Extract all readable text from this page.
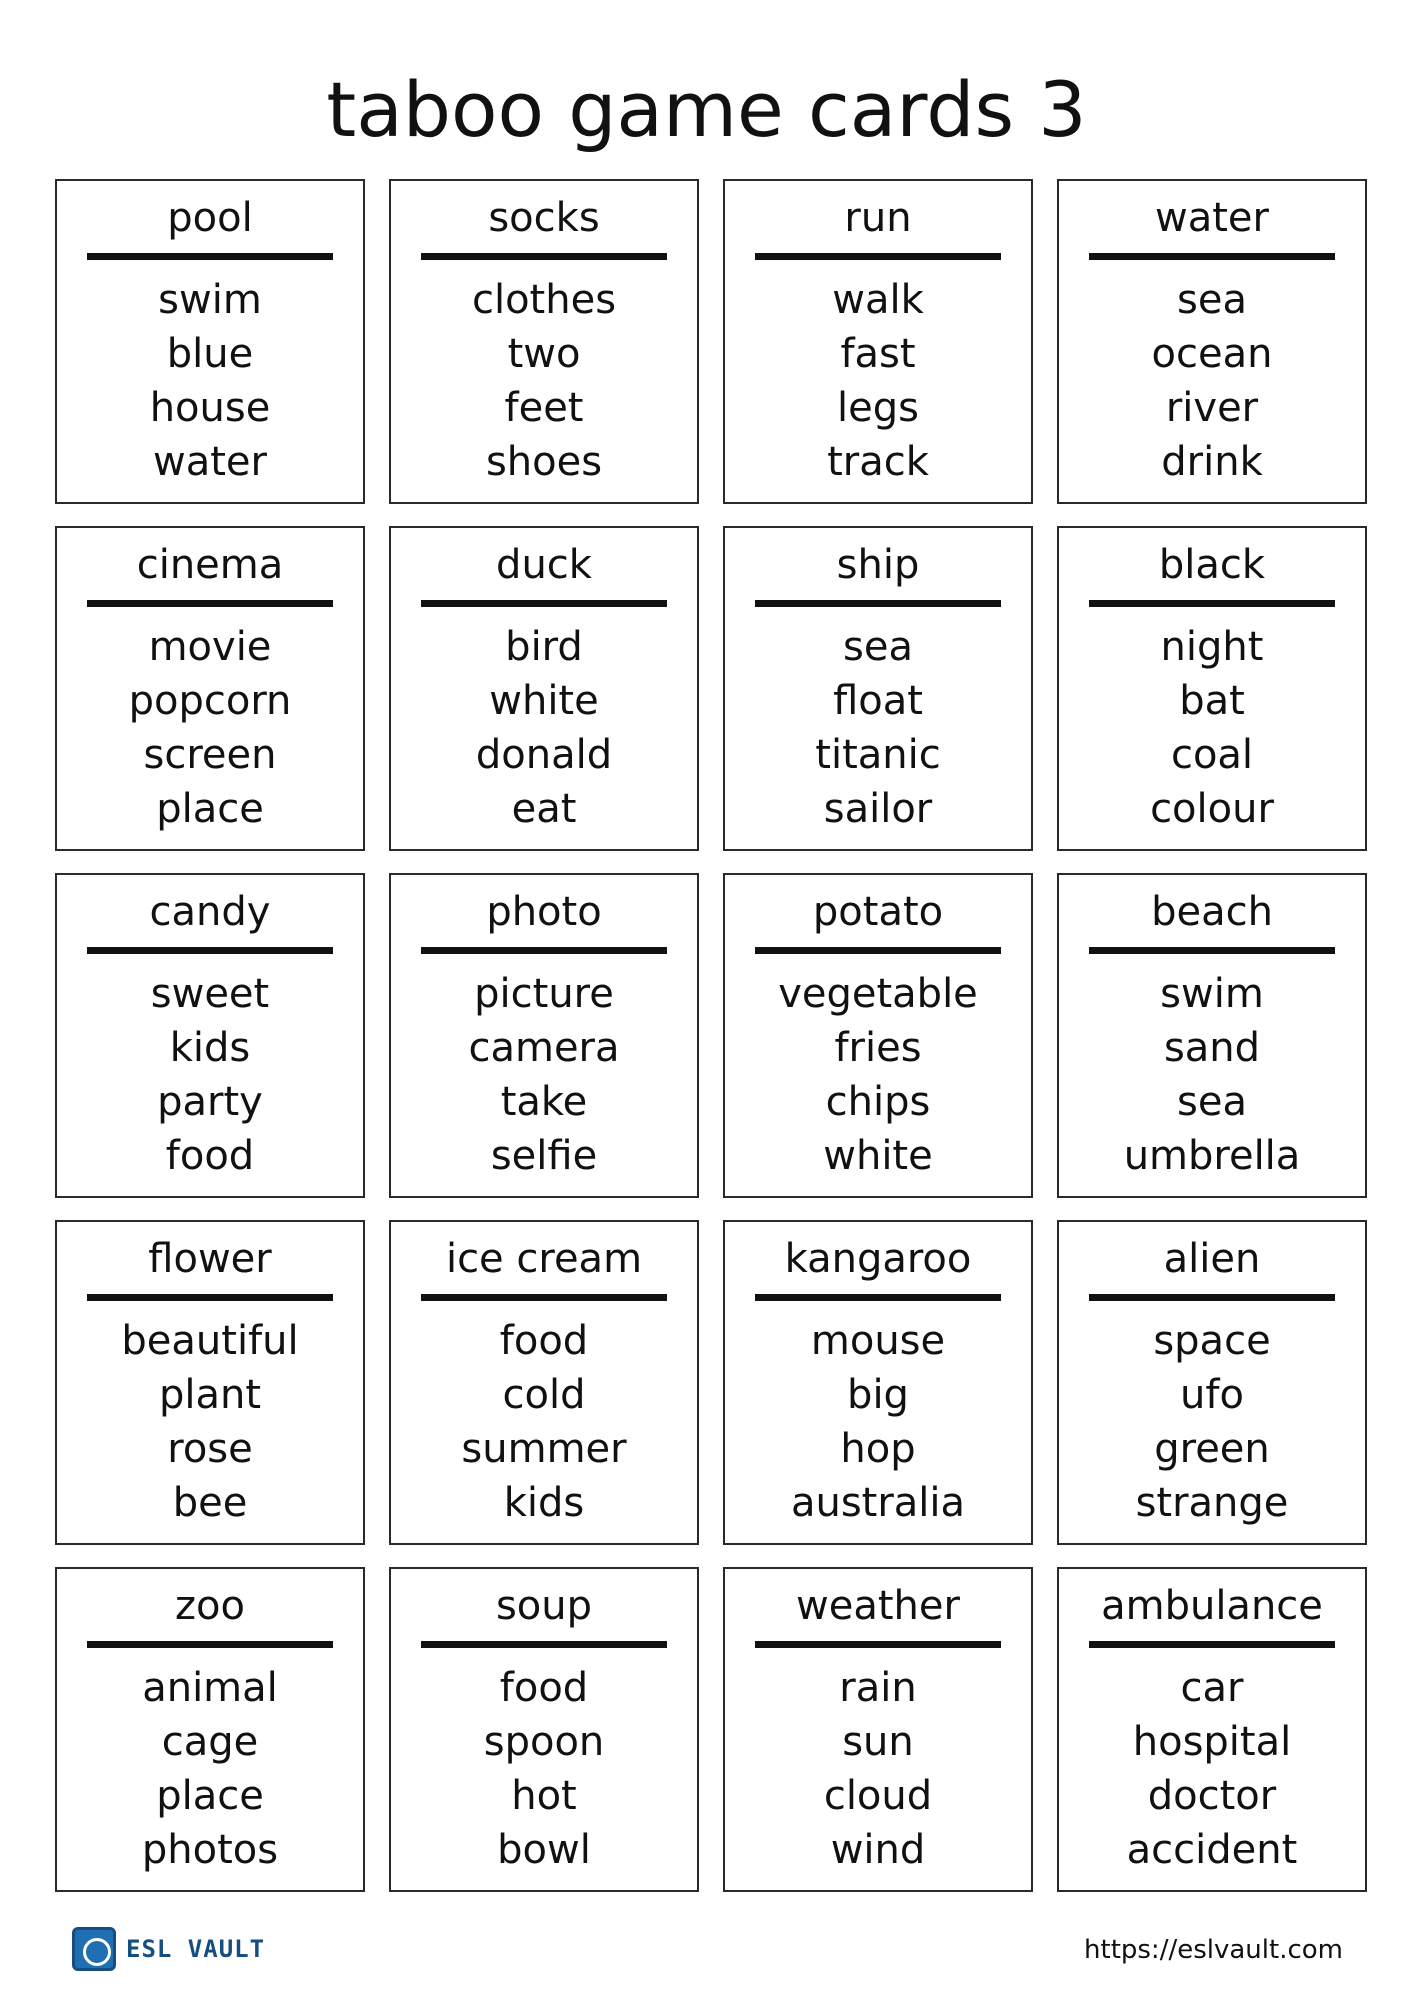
taboo game cards 3
pool
swim
blue
house
water
socks
clothes
two
feet
shoes
run
walk
fast
legs
track
water
sea
ocean
river
drink
cinema
movie
popcorn
screen
place
duck
bird
white
donald
eat
ship
sea
float
titanic
sailor
black
night
bat
coal
colour
candy
sweet
kids
party
food
photo
picture
camera
take
selfie
potato
vegetable
fries
chips
white
beach
swim
sand
sea
umbrella
flower
beautiful
plant
rose
bee
ice cream
food
cold
summer
kids
kangaroo
mouse
big
hop
australia
alien
space
ufo
green
strange
zoo
animal
cage
place
photos
soup
food
spoon
hot
bowl
weather
rain
sun
cloud
wind
ambulance
car
hospital
doctor
accident
ESL VAULT	https://eslvault.com
